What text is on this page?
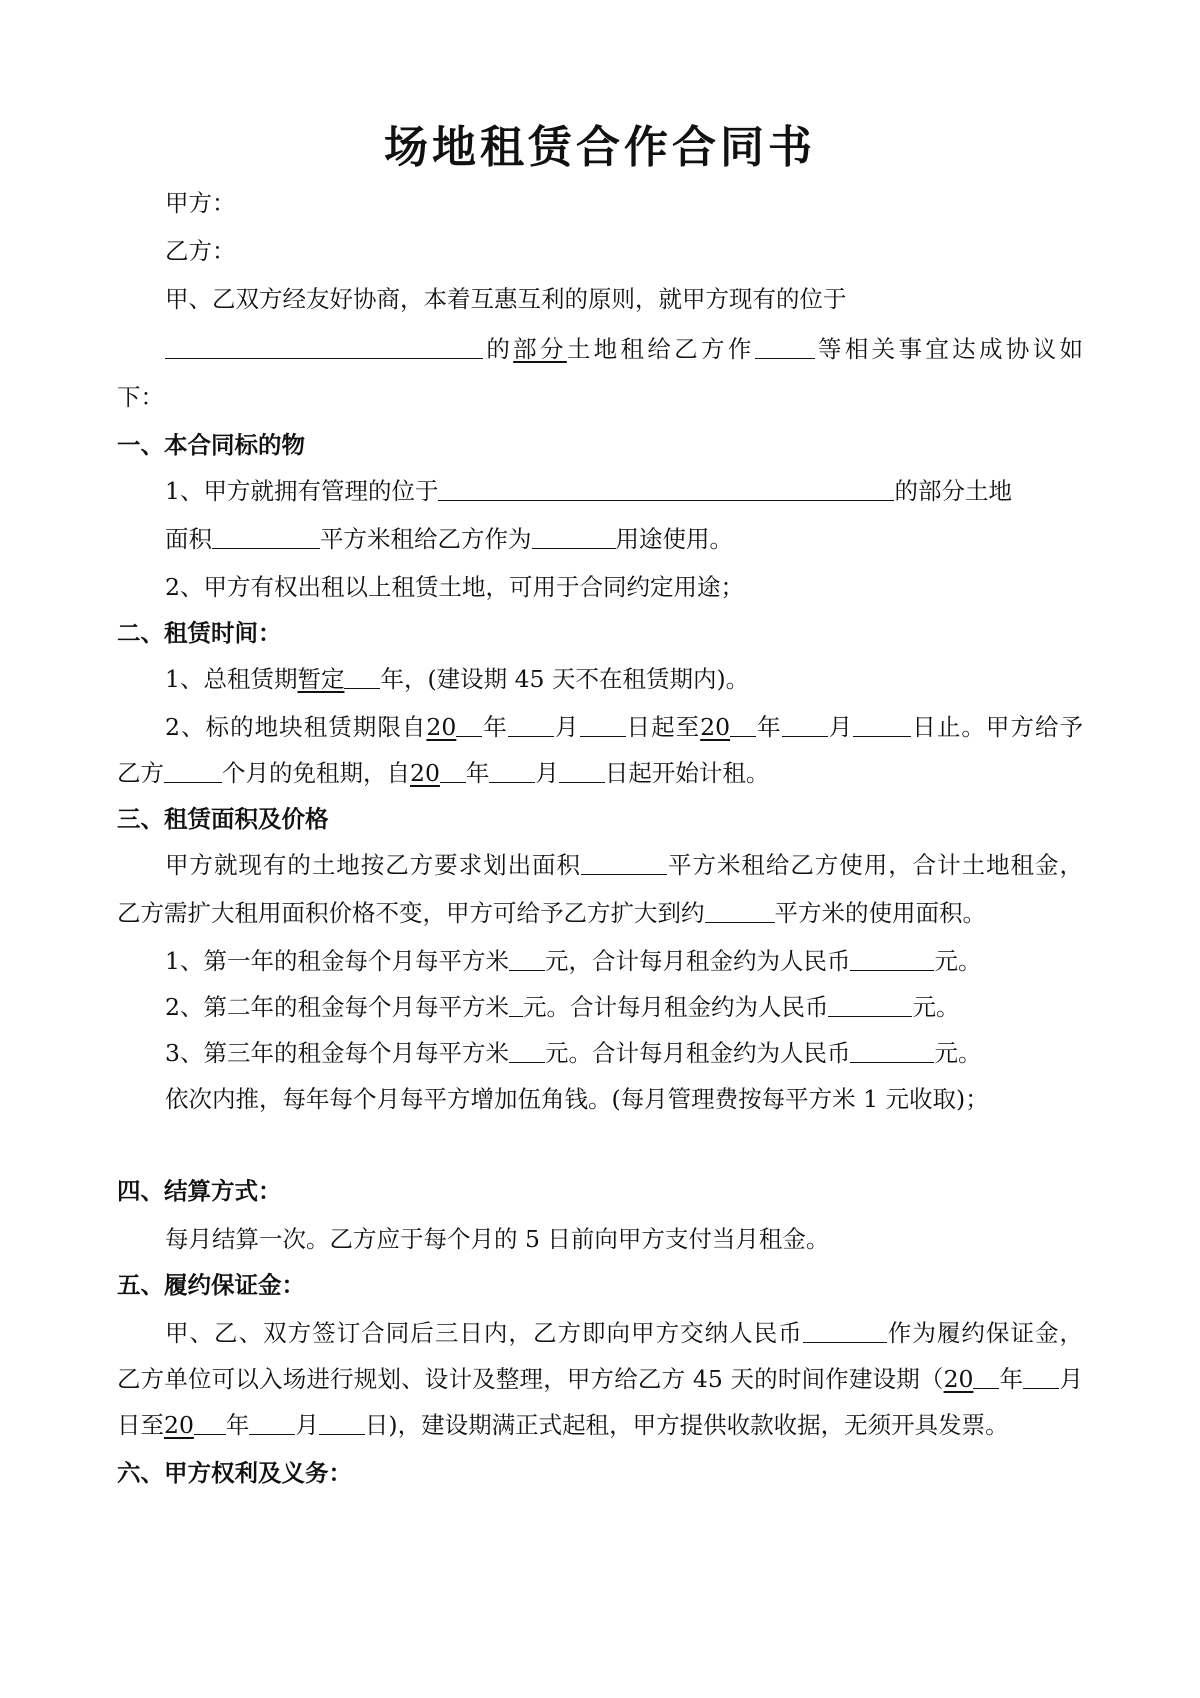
场地租赁合作合同书
甲方：
乙方：
甲、乙双方经友好协商，本着互惠互利的原则，就甲方现有的位于
的部分土地租给乙方作	等相关事宜达成协议如
下：
一、本合同标的物
1、甲方就拥有管理的位于	的部分土地
面积	平方米租给乙方作为	用途使用。
2、甲方有权出租以上租赁土地，可用于合同约定用途；
二、租赁时间：
1、总租赁期暂定 年，(建设期 45 天不在租赁期内)。
2、标的地块租赁期限自20 年 月 日起至20 年 月 日止。甲方给予
乙方 个月的免租期，自20 年 月 日起开始计租。
三、租赁面积及价格
甲方就现有的土地按乙方要求划出面积	平方米租给乙方使用，合计土地租金，
乙方需扩大租用面积价格不变，甲方可给予乙方扩大到约	平方米的使用面积。
1、第一年的租金每个月每平方米 元，合计每月租金约为人民币	元。
2、第二年的租金每个月每平方米 元。合计每月租金约为人民币	元。
3、第三年的租金每个月每平方米 元。合计每月租金约为人民币	元。
依次内推，每年每个月每平方增加伍角钱。(每月管理费按每平方米 1 元收取)；
四、结算方式：
每月结算一次。乙方应于每个月的 5 日前向甲方支付当月租金。
五、履约保证金：
甲、乙、双方签订合同后三日内，乙方即向甲方交纳人民币	作为履约保证金，
乙方单位可以入场进行规划、设计及整理，甲方给乙方 45 天的时间作建设期（20 年 月
日至20 年 月 日)，建设期满正式起租，甲方提供收款收据，无须开具发票。
六、甲方权利及义务：
